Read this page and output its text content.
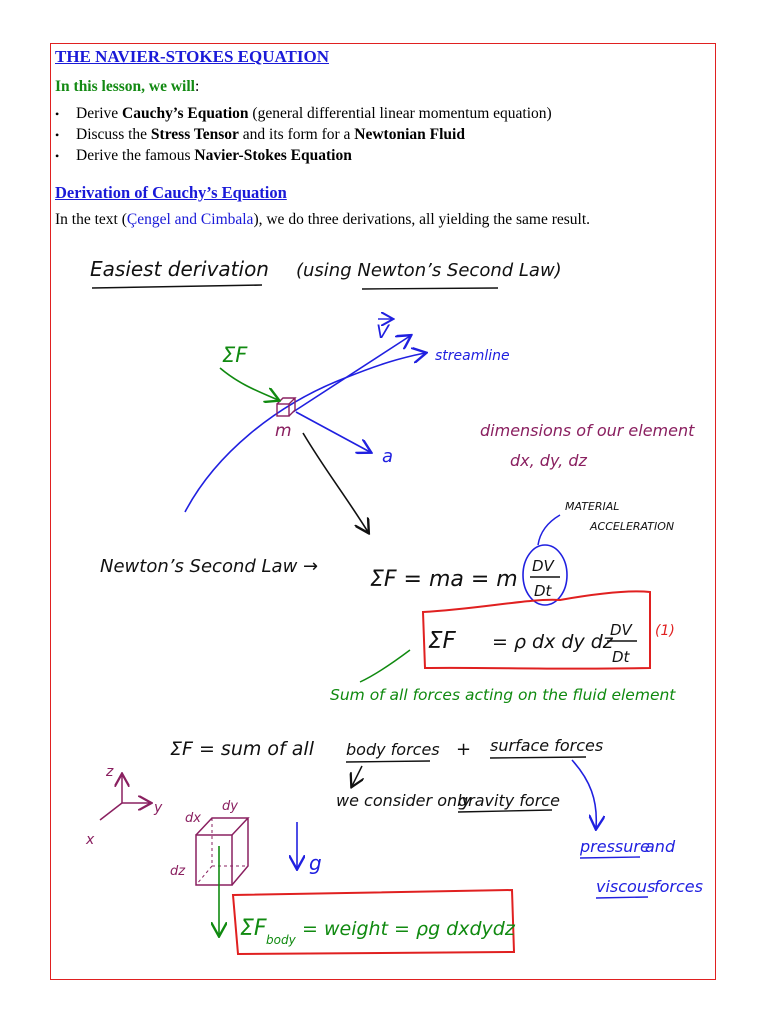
THE NAVIER-STOKES EQUATION
In this lesson, we will:
• Derive Cauchy’s Equation (general differential linear momentum equation)
• Discuss the Stress Tensor and its form for a Newtonian Fluid
• Derive the famous Navier-Stokes Equation
Derivation of Cauchy’s Equation
In the text (Çengel and Cimbala), we do three derivations, all yielding the same result.
Easiest derivation (using Newton’s Second Law)
streamline
V
a
m
ΣF
dimensions of our element
dx, dy, dz
MATERIAL
ACCELERATION
Newton’s Second Law →
ΣF = ma = m
DV
Dt
ΣF = ρ dx dy dz
DV
Dt
(1)
Sum of all forces acting on the fluid element
ΣF = sum of all body forces + surface forces
we consider only
gravity force
pressure
and
viscous
forces
z
y
x
dx
dy
dz	g
ΣF body = weight = ρg dxdydz
